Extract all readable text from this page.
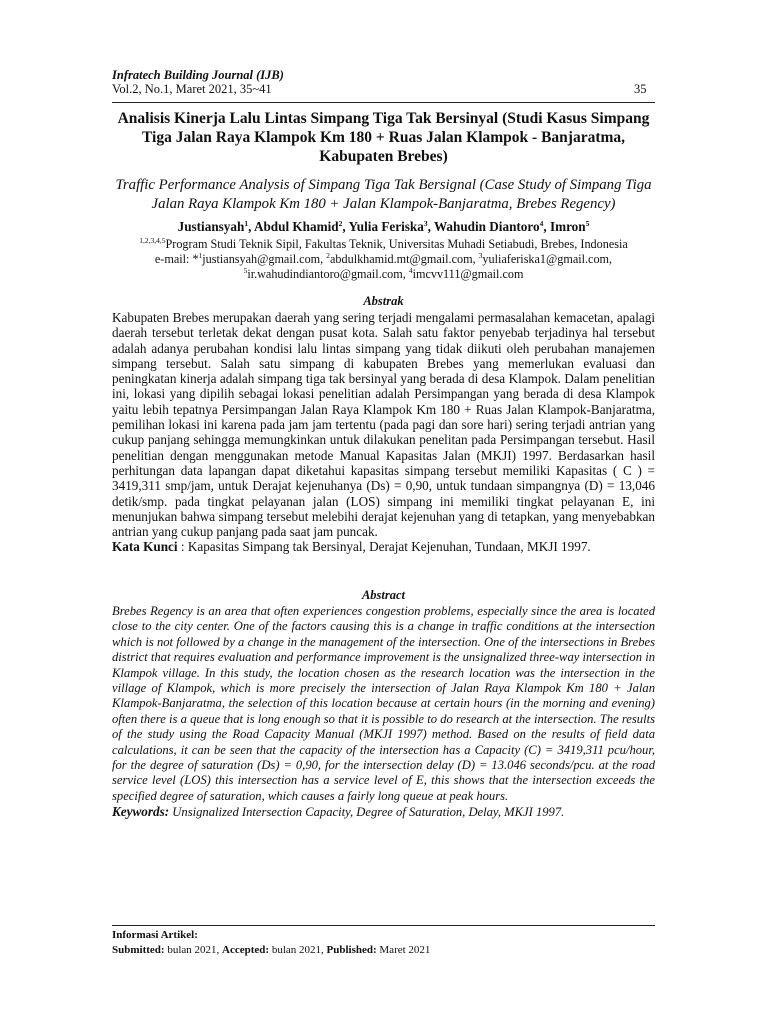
Infratech Building Journal (IJB)
Vol.2, No.1, Maret 2021, 35~41	35
Analisis Kinerja Lalu Lintas Simpang Tiga Tak Bersinyal (Studi Kasus Simpang Tiga Jalan Raya Klampok Km 180 + Ruas Jalan Klampok - Banjaratma, Kabupaten Brebes)
Traffic Performance Analysis of Simpang Tiga Tak Bersignal (Case Study of Simpang Tiga Jalan Raya Klampok Km 180 + Jalan Klampok-Banjaratma, Brebes Regency)
Justiansyah$^1$, Abdul Khamid$^2$, Yulia Feriska$^3$, Wahudin Diantoro$^4$, Imron$^5$
$^{1,2,3,4,5}$Program Studi Teknik Sipil, Fakultas Teknik, Universitas Muhadi Setiabudi, Brebes, Indonesia
e-mail: *$^1$justiansyah@gmail.com, $^2$abdulkhamid.mt@gmail.com, $^3$yuliaferiska1@gmail.com,
$^5$ir.wahudindiantoro@gmail.com, $^4$imcvv111@gmail.com
Abstrak

Kabupaten Brebes merupakan daerah yang sering terjadi mengalami permasalahan kemacetan, apalagi daerah tersebut terletak dekat dengan pusat kota. Salah satu faktor penyebab terjadinya hal tersebut adalah adanya perubahan kondisi lalu lintas simpang yang tidak diikuti oleh perubahan manajemen simpang tersebut. Salah satu simpang di kabupaten Brebes yang memerlukan evaluasi dan peningkatan kinerja adalah simpang tiga tak bersinyal yang berada di desa Klampok. Dalam penelitian ini, lokasi yang dipilih sebagai lokasi penelitian adalah Persimpangan yang berada di desa Klampok yaitu lebih tepatnya Persimpangan Jalan Raya Klampok Km 180 + Ruas Jalan Klampok-Banjaratma, pemilihan lokasi ini karena pada jam jam tertentu (pada pagi dan sore hari) sering terjadi antrian yang cukup panjang sehingga memungkinkan untuk dilakukan penelitan pada Persimpangan tersebut. Hasil penelitian dengan menggunakan metode Manual Kapasitas Jalan (MKJI) 1997. Berdasarkan hasil perhitungan data lapangan dapat diketahui kapasitas simpang tersebut memiliki Kapasitas ( C ) = 3419,311 smp/jam, untuk Derajat kejenuhanya (Ds) = 0,90, untuk tundaan simpangnya (D) = 13,046 detik/smp. pada tingkat pelayanan jalan (LOS) simpang ini memiliki tingkat pelayanan E, ini menunjukan bahwa simpang tersebut melebihi derajat kejenuhan yang di tetapkan, yang menyebabkan antrian yang cukup panjang pada saat jam puncak.

Kata Kunci : Kapasitas Simpang tak Bersinyal, Derajat Kejenuhan, Tundaan, MKJI 1997.

Abstract

Brebes Regency is an area that often experiences congestion problems, especially since the area is located close to the city center. One of the factors causing this is a change in traffic conditions at the intersection which is not followed by a change in the management of the intersection. One of the intersections in Brebes district that requires evaluation and performance improvement is the unsignalized three-way intersection in Klampok village. In this study, the location chosen as the research location was the intersection in the village of Klampok, which is more precisely the intersection of Jalan Raya Klampok Km 180 + Jalan Klampok-Banjaratma, the selection of this location because at certain hours (in the morning and evening) often there is a queue that is long enough so that it is possible to do research at the intersection. The results of the study using the Road Capacity Manual (MKJI 1997) method. Based on the results of field data calculations, it can be seen that the capacity of the intersection has a Capacity (C) = 3419,311 pcu/hour, for the degree of saturation (Ds) = 0,90, for the intersection delay (D) = 13.046 seconds/pcu. at the road service level (LOS) this intersection has a service level of E, this shows that the intersection exceeds the specified degree of saturation, which causes a fairly long queue at peak hours.

Keywords: Unsignalized Intersection Capacity, Degree of Saturation, Delay, MKJI 1997.

Informasi Artikel:
Submitted: bulan 2021, Accepted: bulan 2021, Published: Maret 2021
